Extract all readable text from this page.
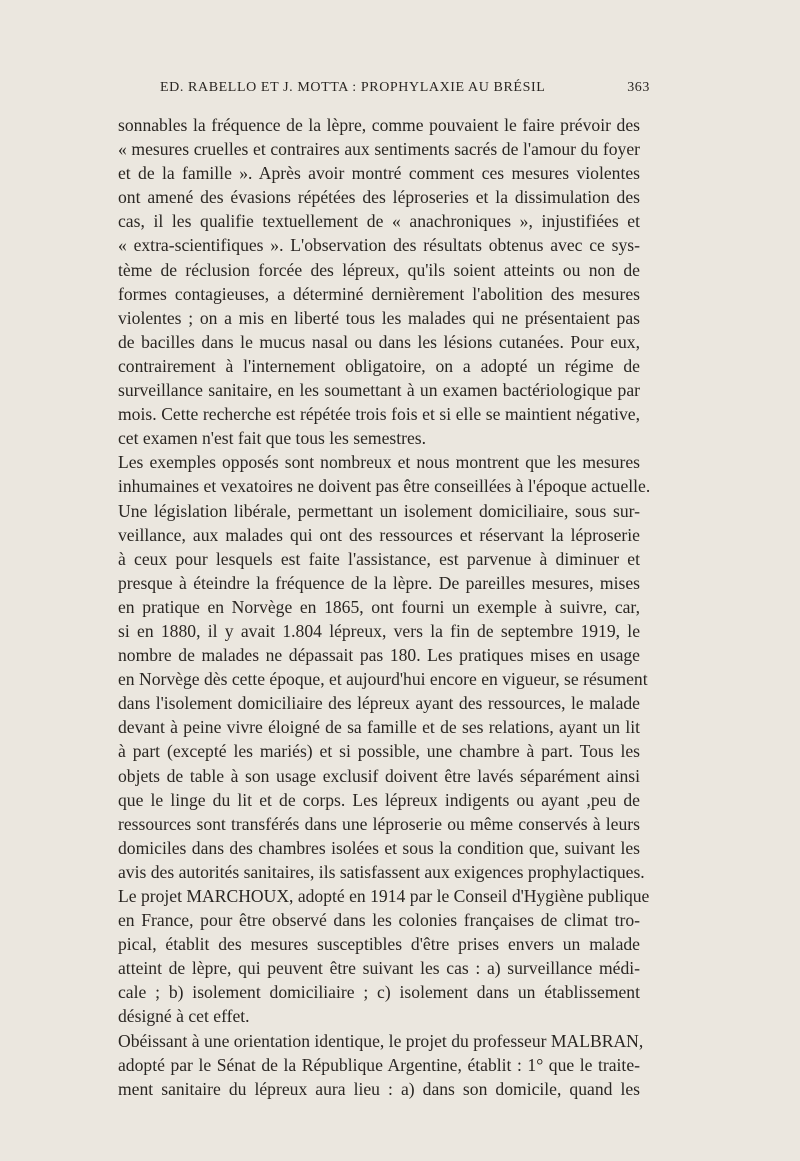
ED. RABELLO ET J. MOTTA : PROPHYLAXIE AU BRÉSIL	363
sonnables la fréquence de la lèpre, comme pouvaient le faire prévoir des
« mesures cruelles et contraires aux sentiments sacrés de l'amour du foyer
et de la famille ». Après avoir montré comment ces mesures violentes
ont amené des évasions répétées des léproseries et la dissimulation des
cas, il les qualifie textuellement de « anachroniques », injustifiées et
« extra-scientifiques ». L'observation des résultats obtenus avec ce sys-
tème de réclusion forcée des lépreux, qu'ils soient atteints ou non de
formes contagieuses, a déterminé dernièrement l'abolition des mesures
violentes ; on a mis en liberté tous les malades qui ne présentaient pas
de bacilles dans le mucus nasal ou dans les lésions cutanées. Pour eux,
contrairement à l'internement obligatoire, on a adopté un régime de
surveillance sanitaire, en les soumettant à un examen bactériologique par
mois. Cette recherche est répétée trois fois et si elle se maintient négative,
cet examen n'est fait que tous les semestres.
Les exemples opposés sont nombreux et nous montrent que les mesures
inhumaines et vexatoires ne doivent pas être conseillées à l'époque actuelle.
Une législation libérale, permettant un isolement domiciliaire, sous sur-
veillance, aux malades qui ont des ressources et réservant la léproserie
à ceux pour lesquels est faite l'assistance, est parvenue à diminuer et
presque à éteindre la fréquence de la lèpre. De pareilles mesures, mises
en pratique en Norvège en 1865, ont fourni un exemple à suivre, car,
si en 1880, il y avait 1.804 lépreux, vers la fin de septembre 1919, le
nombre de malades ne dépassait pas 180. Les pratiques mises en usage
en Norvège dès cette époque, et aujourd'hui encore en vigueur, se résument
dans l'isolement domiciliaire des lépreux ayant des ressources, le malade
devant à peine vivre éloigné de sa famille et de ses relations, ayant un lit
à part (excepté les mariés) et si possible, une chambre à part. Tous les
objets de table à son usage exclusif doivent être lavés séparément ainsi
que le linge du lit et de corps. Les lépreux indigents ou ayant ,peu de
ressources sont transférés dans une léproserie ou même conservés à leurs
domiciles dans des chambres isolées et sous la condition que, suivant les
avis des autorités sanitaires, ils satisfassent aux exigences prophylactiques.
Le projet MARCHOUX, adopté en 1914 par le Conseil d'Hygiène publique
en France, pour être observé dans les colonies françaises de climat tro-
pical, établit des mesures susceptibles d'être prises envers un malade
atteint de lèpre, qui peuvent être suivant les cas : a) surveillance médi-
cale ; b) isolement domiciliaire ; c) isolement dans un établissement
désigné à cet effet.
Obéissant à une orientation identique, le projet du professeur MALBRAN,
adopté par le Sénat de la République Argentine, établit : 1° que le traite-
ment sanitaire du lépreux aura lieu : a) dans son domicile, quand les
